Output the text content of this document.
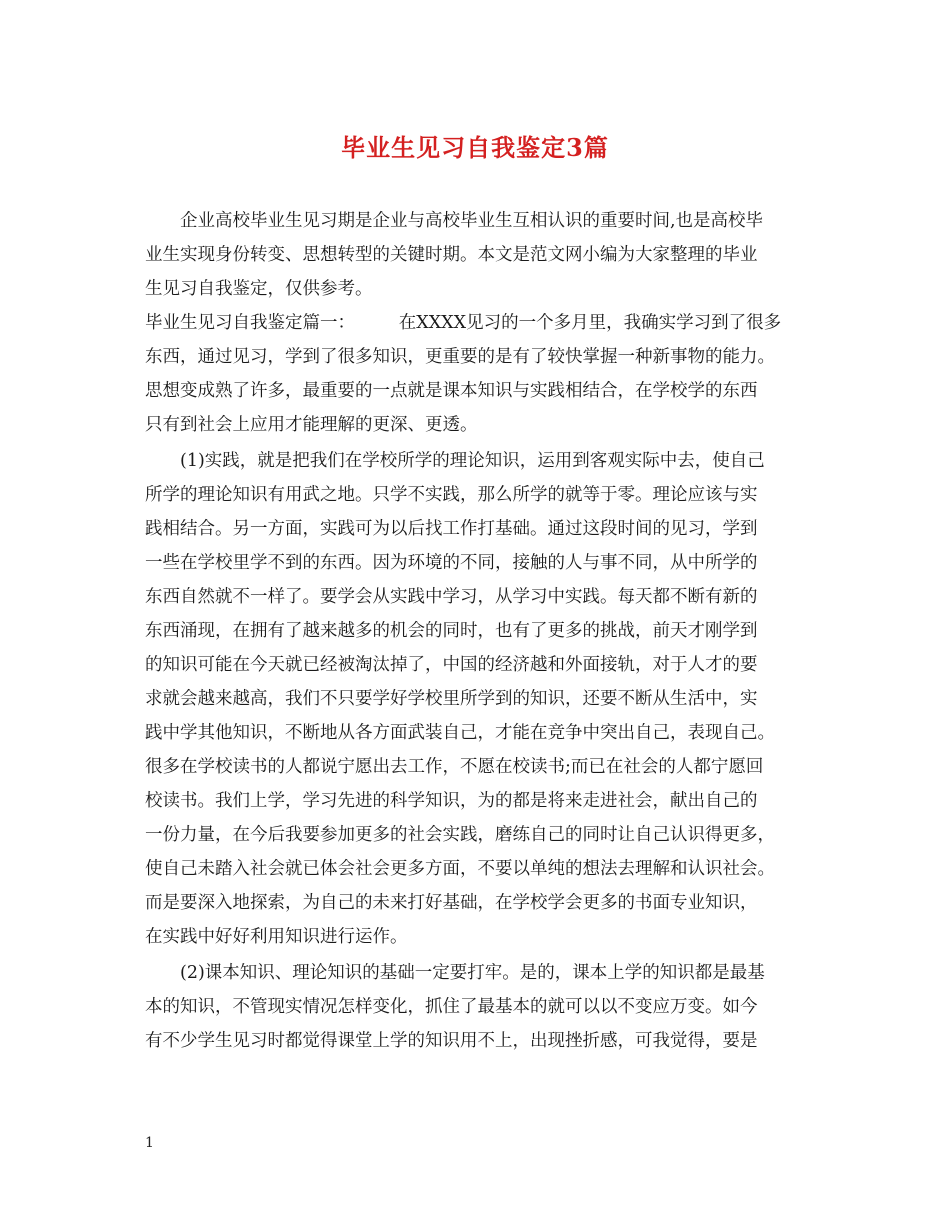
毕业生见习自我鉴定3篇
企业高校毕业生见习期是企业与高校毕业生互相认识的重要时间,也是高校毕
业生实现身份转变、思想转型的关键时期。本文是范文网小编为大家整理的毕业
生见习自我鉴定，仅供参考。
毕业生见习自我鉴定篇一：　　　在XXXX见习的一个多月里，我确实学习到了很多
东西，通过见习，学到了很多知识，更重要的是有了较快掌握一种新事物的能力。
思想变成熟了许多，最重要的一点就是课本知识与实践相结合，在学校学的东西
只有到社会上应用才能理解的更深、更透。
(1)实践，就是把我们在学校所学的理论知识，运用到客观实际中去，使自己
所学的理论知识有用武之地。只学不实践，那么所学的就等于零。理论应该与实
践相结合。另一方面，实践可为以后找工作打基础。通过这段时间的见习，学到
一些在学校里学不到的东西。因为环境的不同，接触的人与事不同，从中所学的
东西自然就不一样了。要学会从实践中学习，从学习中实践。每天都不断有新的
东西涌现，在拥有了越来越多的机会的同时，也有了更多的挑战，前天才刚学到
的知识可能在今天就已经被淘汰掉了，中国的经济越和外面接轨，对于人才的要
求就会越来越高，我们不只要学好学校里所学到的知识，还要不断从生活中，实
践中学其他知识，不断地从各方面武装自己，才能在竞争中突出自己，表现自己。
很多在学校读书的人都说宁愿出去工作，不愿在校读书;而已在社会的人都宁愿回
校读书。我们上学，学习先进的科学知识，为的都是将来走进社会，献出自己的
一份力量，在今后我要参加更多的社会实践，磨练自己的同时让自己认识得更多，
使自己未踏入社会就已体会社会更多方面，不要以单纯的想法去理解和认识社会。
而是要深入地探索，为自己的未来打好基础，在学校学会更多的书面专业知识，
在实践中好好利用知识进行运作。
(2)课本知识、理论知识的基础一定要打牢。是的，课本上学的知识都是最基
本的知识，不管现实情况怎样变化，抓住了最基本的就可以以不变应万变。如今
有不少学生见习时都觉得课堂上学的知识用不上，出现挫折感，可我觉得，要是
1
